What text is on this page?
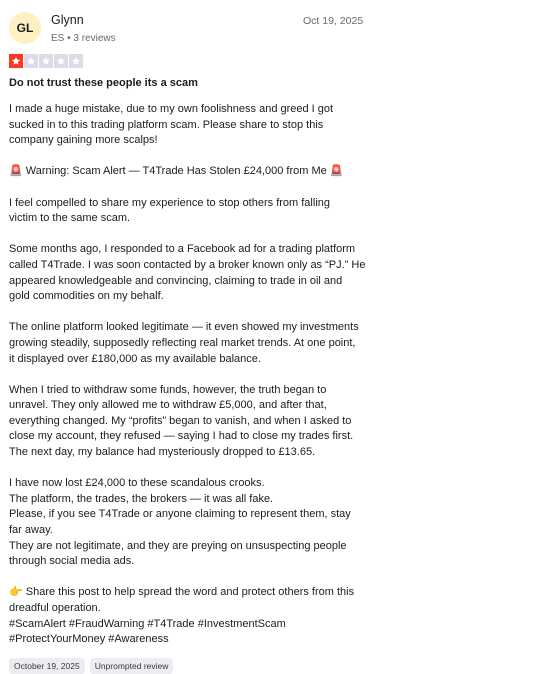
GL
Glynn
ES • 3 reviews
Oct 19, 2025
Do not trust these people its a scam

I made a huge mistake, due to my own foolishness and greed I got
sucked in to this trading platform scam. Please share to stop this
company gaining more scalps!

🚨 Warning: Scam Alert — T4Trade Has Stolen £24,000 from Me 🚨

I feel compelled to share my experience to stop others from falling
victim to the same scam.

Some months ago, I responded to a Facebook ad for a trading platform
called T4Trade. I was soon contacted by a broker known only as “PJ.” He
appeared knowledgeable and convincing, claiming to trade in oil and
gold commodities on my behalf.

The online platform looked legitimate — it even showed my investments
growing steadily, supposedly reflecting real market trends. At one point,
it displayed over £180,000 as my available balance.

When I tried to withdraw some funds, however, the truth began to
unravel. They only allowed me to withdraw £5,000, and after that,
everything changed. My “profits” began to vanish, and when I asked to
close my account, they refused — saying I had to close my trades first.
The next day, my balance had mysteriously dropped to £13.65.

I have now lost £24,000 to these scandalous crooks.
The platform, the trades, the brokers — it was all fake.
Please, if you see T4Trade or anyone claiming to represent them, stay
far away.
They are not legitimate, and they are preying on unsuspecting people
through social media ads.

👉 Share this post to help spread the word and protect others from this
dreadful operation.
#ScamAlert #FraudWarning #T4Trade #InvestmentScam
#ProtectYourMoney #Awareness

October 19, 2025	Unprompted review
